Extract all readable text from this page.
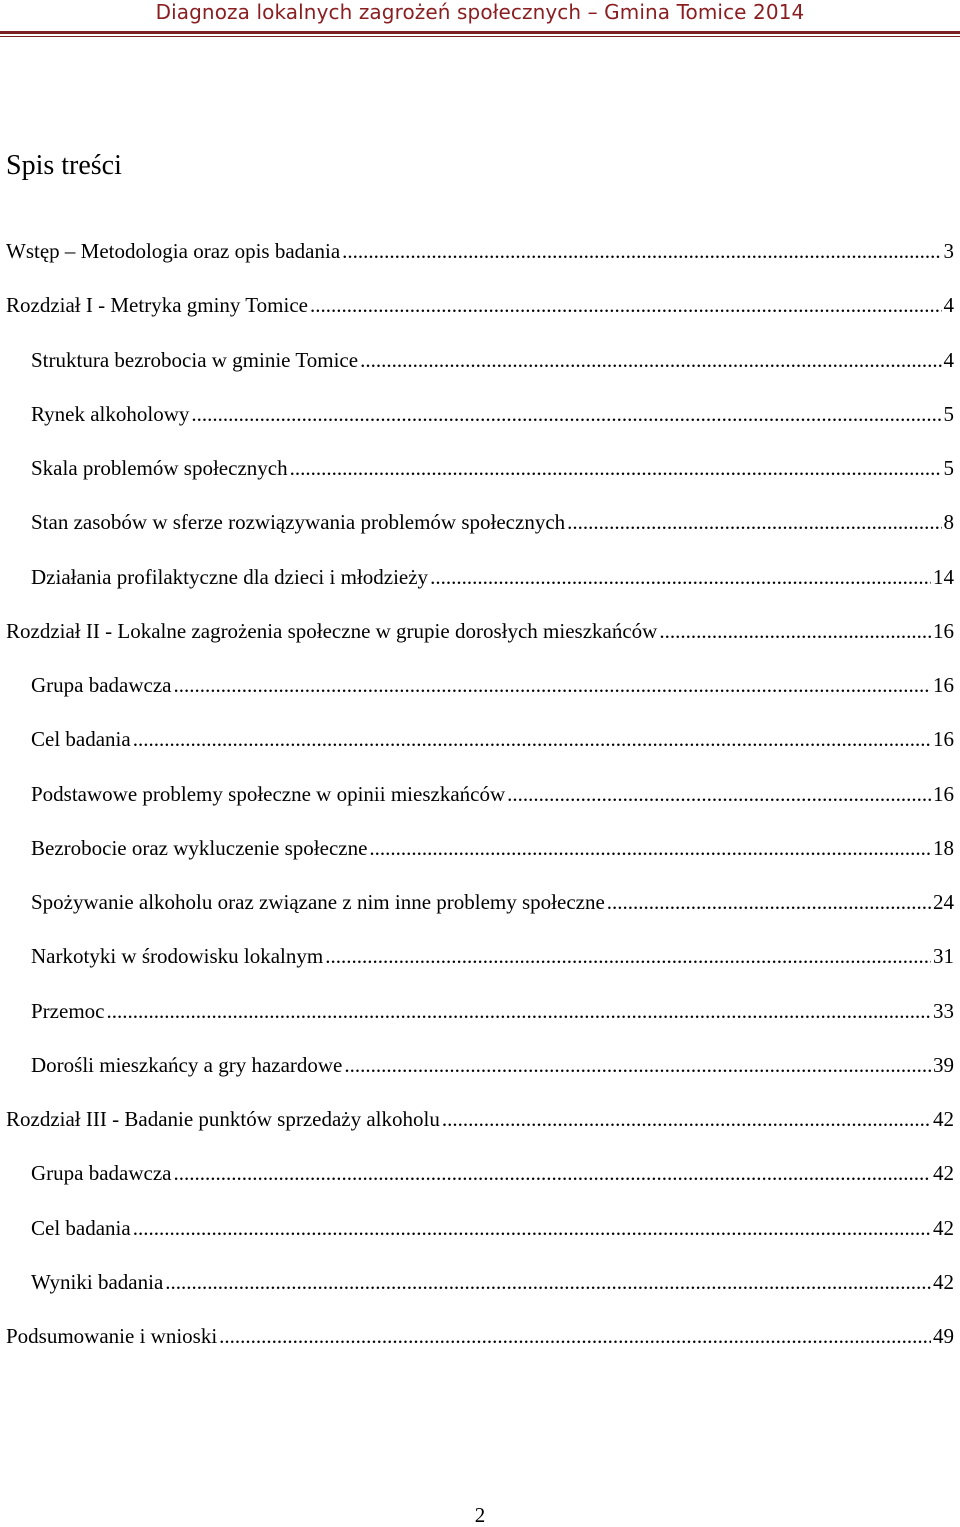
Diagnoza lokalnych zagrożeń społecznych – Gmina Tomice 2014
Spis treści
Wstęp – Metodologia oraz opis badania .....	3
Rozdział I - Metryka gminy Tomice .....	4
Struktura bezrobocia w gminie Tomice .....	4
Rynek alkoholowy .....	5
Skala problemów społecznych .....	5
Stan zasobów w sferze rozwiązywania problemów społecznych .....	8
Działania profilaktyczne dla dzieci i młodzieży .....	14
Rozdział II - Lokalne zagrożenia społeczne w grupie dorosłych mieszkańców .....	16
Grupa badawcza .....	16
Cel badania .....	16
Podstawowe problemy społeczne w opinii mieszkańców .....	16
Bezrobocie oraz wykluczenie społeczne .....	18
Spożywanie alkoholu oraz związane z nim inne problemy społeczne .....	24
Narkotyki w środowisku lokalnym .....	31
Przemoc .....	33
Dorośli mieszkańcy a gry hazardowe .....	39
Rozdział III - Badanie punktów sprzedaży alkoholu .....	42
Grupa badawcza .....	42
Cel badania .....	42
Wyniki badania .....	42
Podsumowanie i wnioski .....	49
2
